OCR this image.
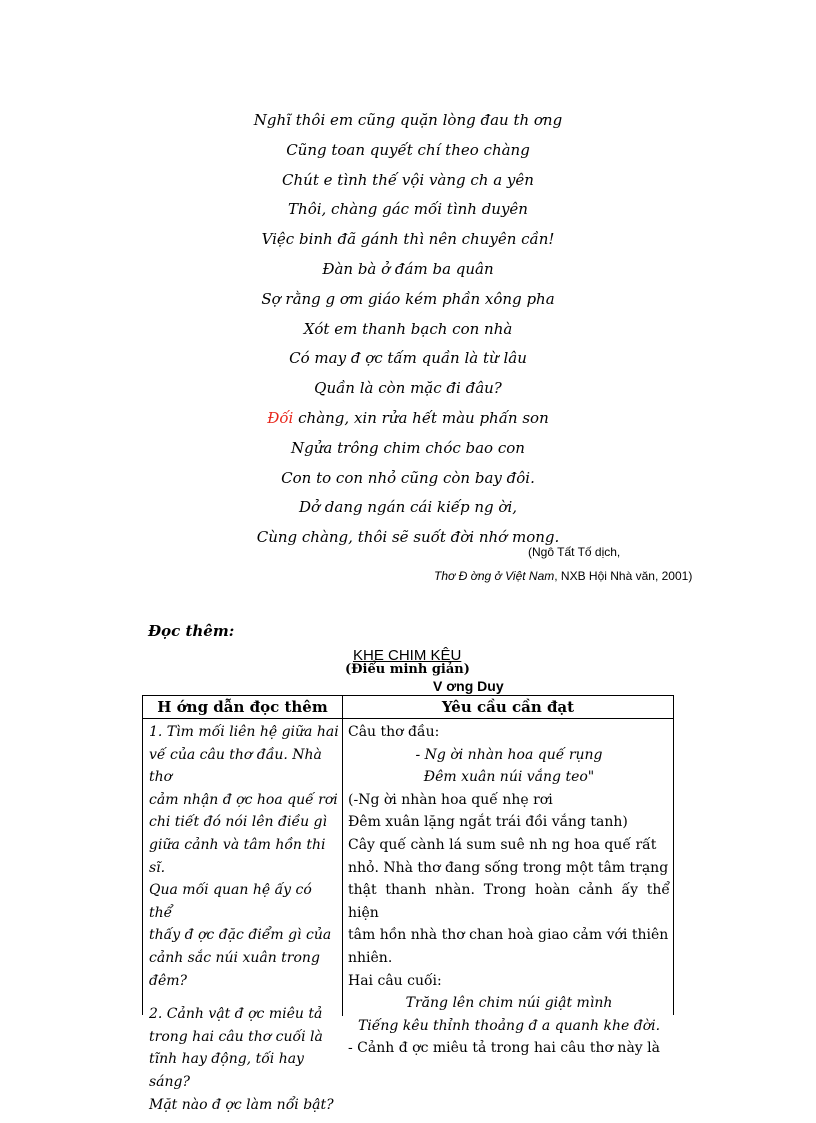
Nghĩ thôi em cũng quặn lòng đau th ơng
Cũng toan quyết chí theo chàng
Chút e tình thế vội vàng ch a yên
Thôi, chàng gác mối tình duyên
Việc binh đã gánh thì nên chuyên cần!
Đàn bà ở đám ba quân
Sợ rằng g ơm giáo kém phần xông pha
Xót em thanh bạch con nhà
Có may đ ợc tấm quần là từ lâu
Quần là còn mặc đi đâu?
Đối chàng, xin rửa hết màu phấn son
Ngửa trông chim chóc bao con
Con to con nhỏ cũng còn bay đôi.
Dở dang ngán cái kiếp ng ời,
Cùng chàng, thôi sẽ suốt đời nhớ mong.
(Ngô Tất Tố dịch,
Thơ Đ ờng ở Việt Nam, NXB Hội Nhà văn, 2001)
Đọc thêm:
KHE CHIM KÊU
(Điểu minh giản)
V ơng Duy
H ớng dẫn đọc thêm	Yêu cầu cần đạt
1. Tìm mối liên hệ giữa hai
vế của câu thơ đầu. Nhà thơ
cảm nhận đ ợc hoa quế rơi
chi tiết đó nói lên điều gì
giữa cảnh và tâm hồn thi sĩ.
Qua mối quan hệ ấy có thể
thấy đ ợc đặc điểm gì của
cảnh sắc núi xuân trong
đêm?
2. Cảnh vật đ ợc miêu tả
trong hai câu thơ cuối là
tĩnh hay động, tối hay sáng?
Mặt nào đ ợc làm nổi bật?
Câu thơ đầu:
- Ng ời nhàn hoa quế rụng
Đêm xuân núi vắng teo"
(-Ng ời nhàn hoa quế nhẹ rơi
Đêm xuân lặng ngắt trái đồi vắng tanh)
Cây quế cành lá sum suê nh ng hoa quế rất
nhỏ. Nhà thơ đang sống trong một tâm trạng
thật thanh nhàn. Trong hoàn cảnh ấy thể hiện
tâm hồn nhà thơ chan hoà giao cảm với thiên
nhiên.
Hai câu cuối:
Trăng lên chim núi giật mình
Tiếng kêu thỉnh thoảng đ a quanh khe đời.
- Cảnh đ ợc miêu tả trong hai câu thơ này là
